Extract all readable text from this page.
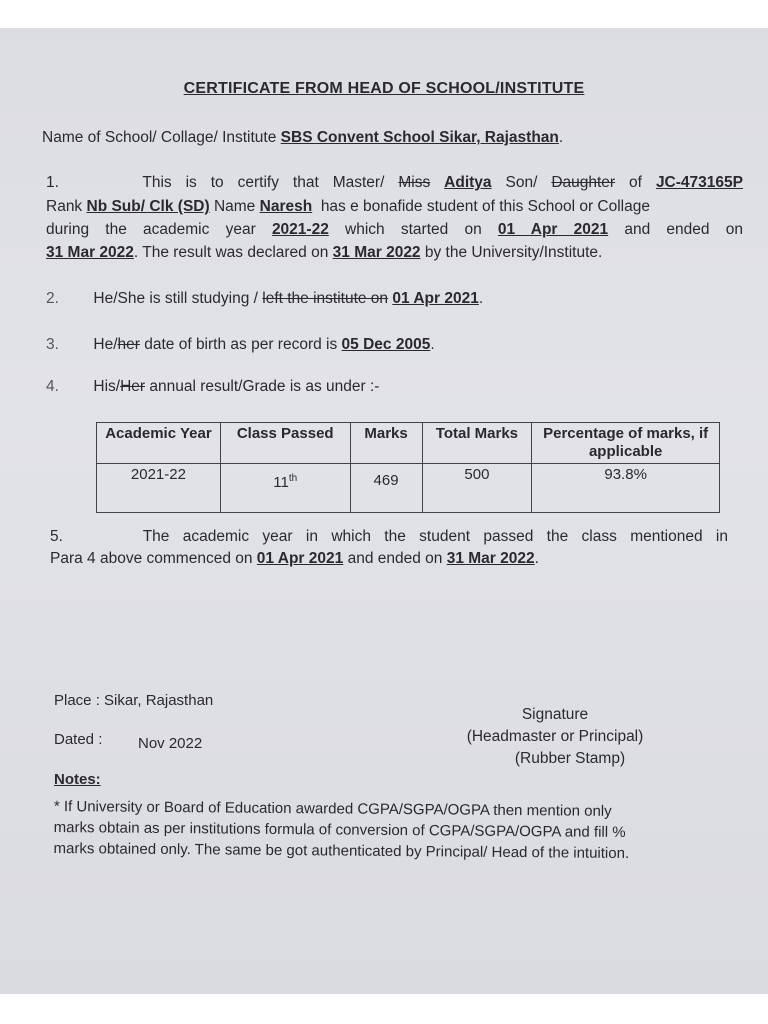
CERTIFICATE FROM HEAD OF SCHOOL/INSTITUTE
Name of School/ Collage/ Institute SBS Convent School Sikar, Rajasthan.
1.	This is to certify that Master/ Miss Aditya Son/ Daughter of JC-473165P
Rank Nb Sub/ Clk (SD) Name Naresh has e bonafide student of this School or Collage
during the academic year 2021-22 which started on 01 Apr 2021 and ended on
31 Mar 2022. The result was declared on 31 Mar 2022 by the University/Institute.
2. He/She is still studying / left the institute on 01 Apr 2021.
3. He/her date of birth as per record is 05 Dec 2005.
4. His/Her annual result/Grade is as under :-
Academic Year	Class Passed	Marks	Total Marks	Percentage of marks, if applicable
2021-22	11th	469	500	93.8%
5.	The academic year in which the student passed the class mentioned in
Para 4 above commenced on 01 Apr 2021 and ended on 31 Mar 2022.
Place : Sikar, Rajasthan
Dated : Nov 2022
Signature
(Headmaster or Principal)
(Rubber Stamp)
Notes:
* If University or Board of Education awarded CGPA/SGPA/OGPA then mention only
marks obtain as per institutions formula of conversion of CGPA/SGPA/OGPA and fill %
marks obtained only. The same be got authenticated by Principal/ Head of the intuition.
